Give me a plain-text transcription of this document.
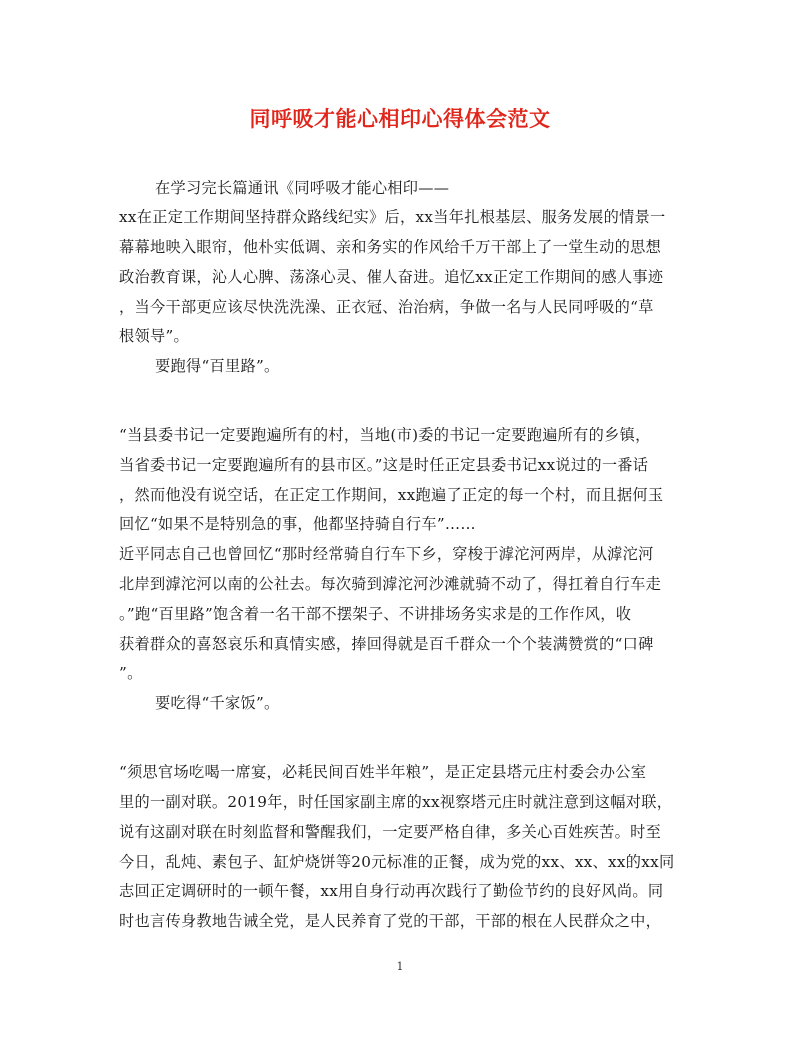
同呼吸才能心相印心得体会范文
在学习完长篇通讯《同呼吸才能心相印——
xx在正定工作期间坚持群众路线纪实》后，xx当年扎根基层、服务发展的情景一
幕幕地映入眼帘，他朴实低调、亲和务实的作风给千万干部上了一堂生动的思想
政治教育课，沁人心脾、荡涤心灵、催人奋进。追忆xx正定工作期间的感人事迹
，当今干部更应该尽快洗洗澡、正衣冠、治治病，争做一名与人民同呼吸的“草
根领导”。
要跑得“百里路”。
“当县委书记一定要跑遍所有的村，当地(市)委的书记一定要跑遍所有的乡镇，
当省委书记一定要跑遍所有的县市区。”这是时任正定县委书记xx说过的一番话
，然而他没有说空话，在正定工作期间，xx跑遍了正定的每一个村，而且据何玉
回忆“如果不是特别急的事，他都坚持骑自行车”……
近平同志自己也曾回忆“那时经常骑自行车下乡，穿梭于滹沱河两岸，从滹沱河
北岸到滹沱河以南的公社去。每次骑到滹沱河沙滩就骑不动了，得扛着自行车走
。”跑“百里路”饱含着一名干部不摆架子、不讲排场务实求是的工作作风，收
获着群众的喜怒哀乐和真情实感，捧回得就是百千群众一个个装满赞赏的“口碑
”。
要吃得“千家饭”。
“须思官场吃喝一席宴，必耗民间百姓半年粮”，是正定县塔元庄村委会办公室
里的一副对联。2019年，时任国家副主席的xx视察塔元庄时就注意到这幅对联，
说有这副对联在时刻监督和警醒我们，一定要严格自律，多关心百姓疾苦。时至
今日，乱炖、素包子、缸炉烧饼等20元标准的正餐，成为党的xx、xx、xx的xx同
志回正定调研时的一顿午餐，xx用自身行动再次践行了勤俭节约的良好风尚。同
时也言传身教地告诫全党，是人民养育了党的干部，干部的根在人民群众之中，
1
